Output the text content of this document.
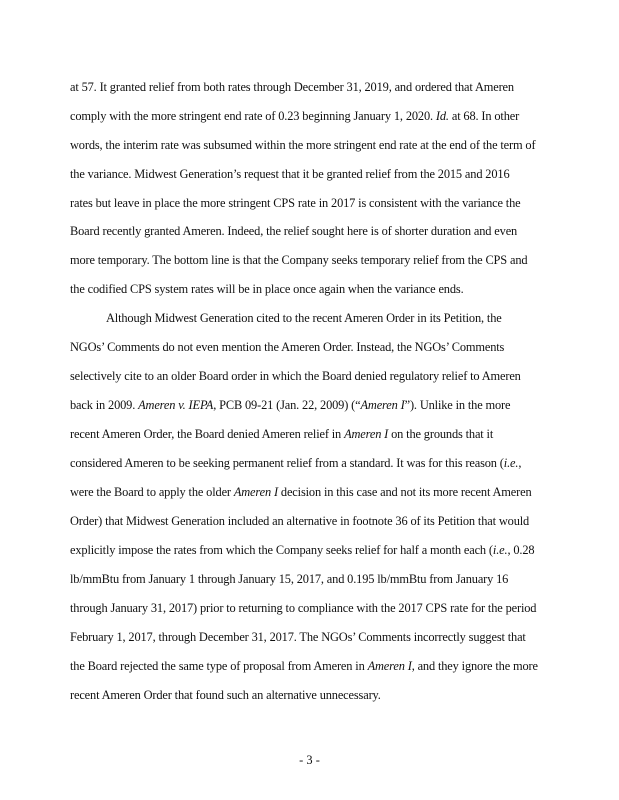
at 57. It granted relief from both rates through December 31, 2019, and ordered that Ameren
comply with the more stringent end rate of 0.23 beginning January 1, 2020. Id. at 68. In other
words, the interim rate was subsumed within the more stringent end rate at the end of the term of
the variance. Midwest Generation’s request that it be granted relief from the 2015 and 2016
rates but leave in place the more stringent CPS rate in 2017 is consistent with the variance the
Board recently granted Ameren. Indeed, the relief sought here is of shorter duration and even
more temporary. The bottom line is that the Company seeks temporary relief from the CPS and
the codified CPS system rates will be in place once again when the variance ends.
Although Midwest Generation cited to the recent Ameren Order in its Petition, the
NGOs’ Comments do not even mention the Ameren Order. Instead, the NGOs’ Comments
selectively cite to an older Board order in which the Board denied regulatory relief to Ameren
back in 2009. Ameren v. IEPA, PCB 09-21 (Jan. 22, 2009) (“Ameren I”). Unlike in the more
recent Ameren Order, the Board denied Ameren relief in Ameren I on the grounds that it
considered Ameren to be seeking permanent relief from a standard. It was for this reason (i.e.,
were the Board to apply the older Ameren I decision in this case and not its more recent Ameren
Order) that Midwest Generation included an alternative in footnote 36 of its Petition that would
explicitly impose the rates from which the Company seeks relief for half a month each (i.e., 0.28
lb/mmBtu from January 1 through January 15, 2017, and 0.195 lb/mmBtu from January 16
through January 31, 2017) prior to returning to compliance with the 2017 CPS rate for the period
February 1, 2017, through December 31, 2017. The NGOs’ Comments incorrectly suggest that
the Board rejected the same type of proposal from Ameren in Ameren I, and they ignore the more
recent Ameren Order that found such an alternative unnecessary.
- 3 -
